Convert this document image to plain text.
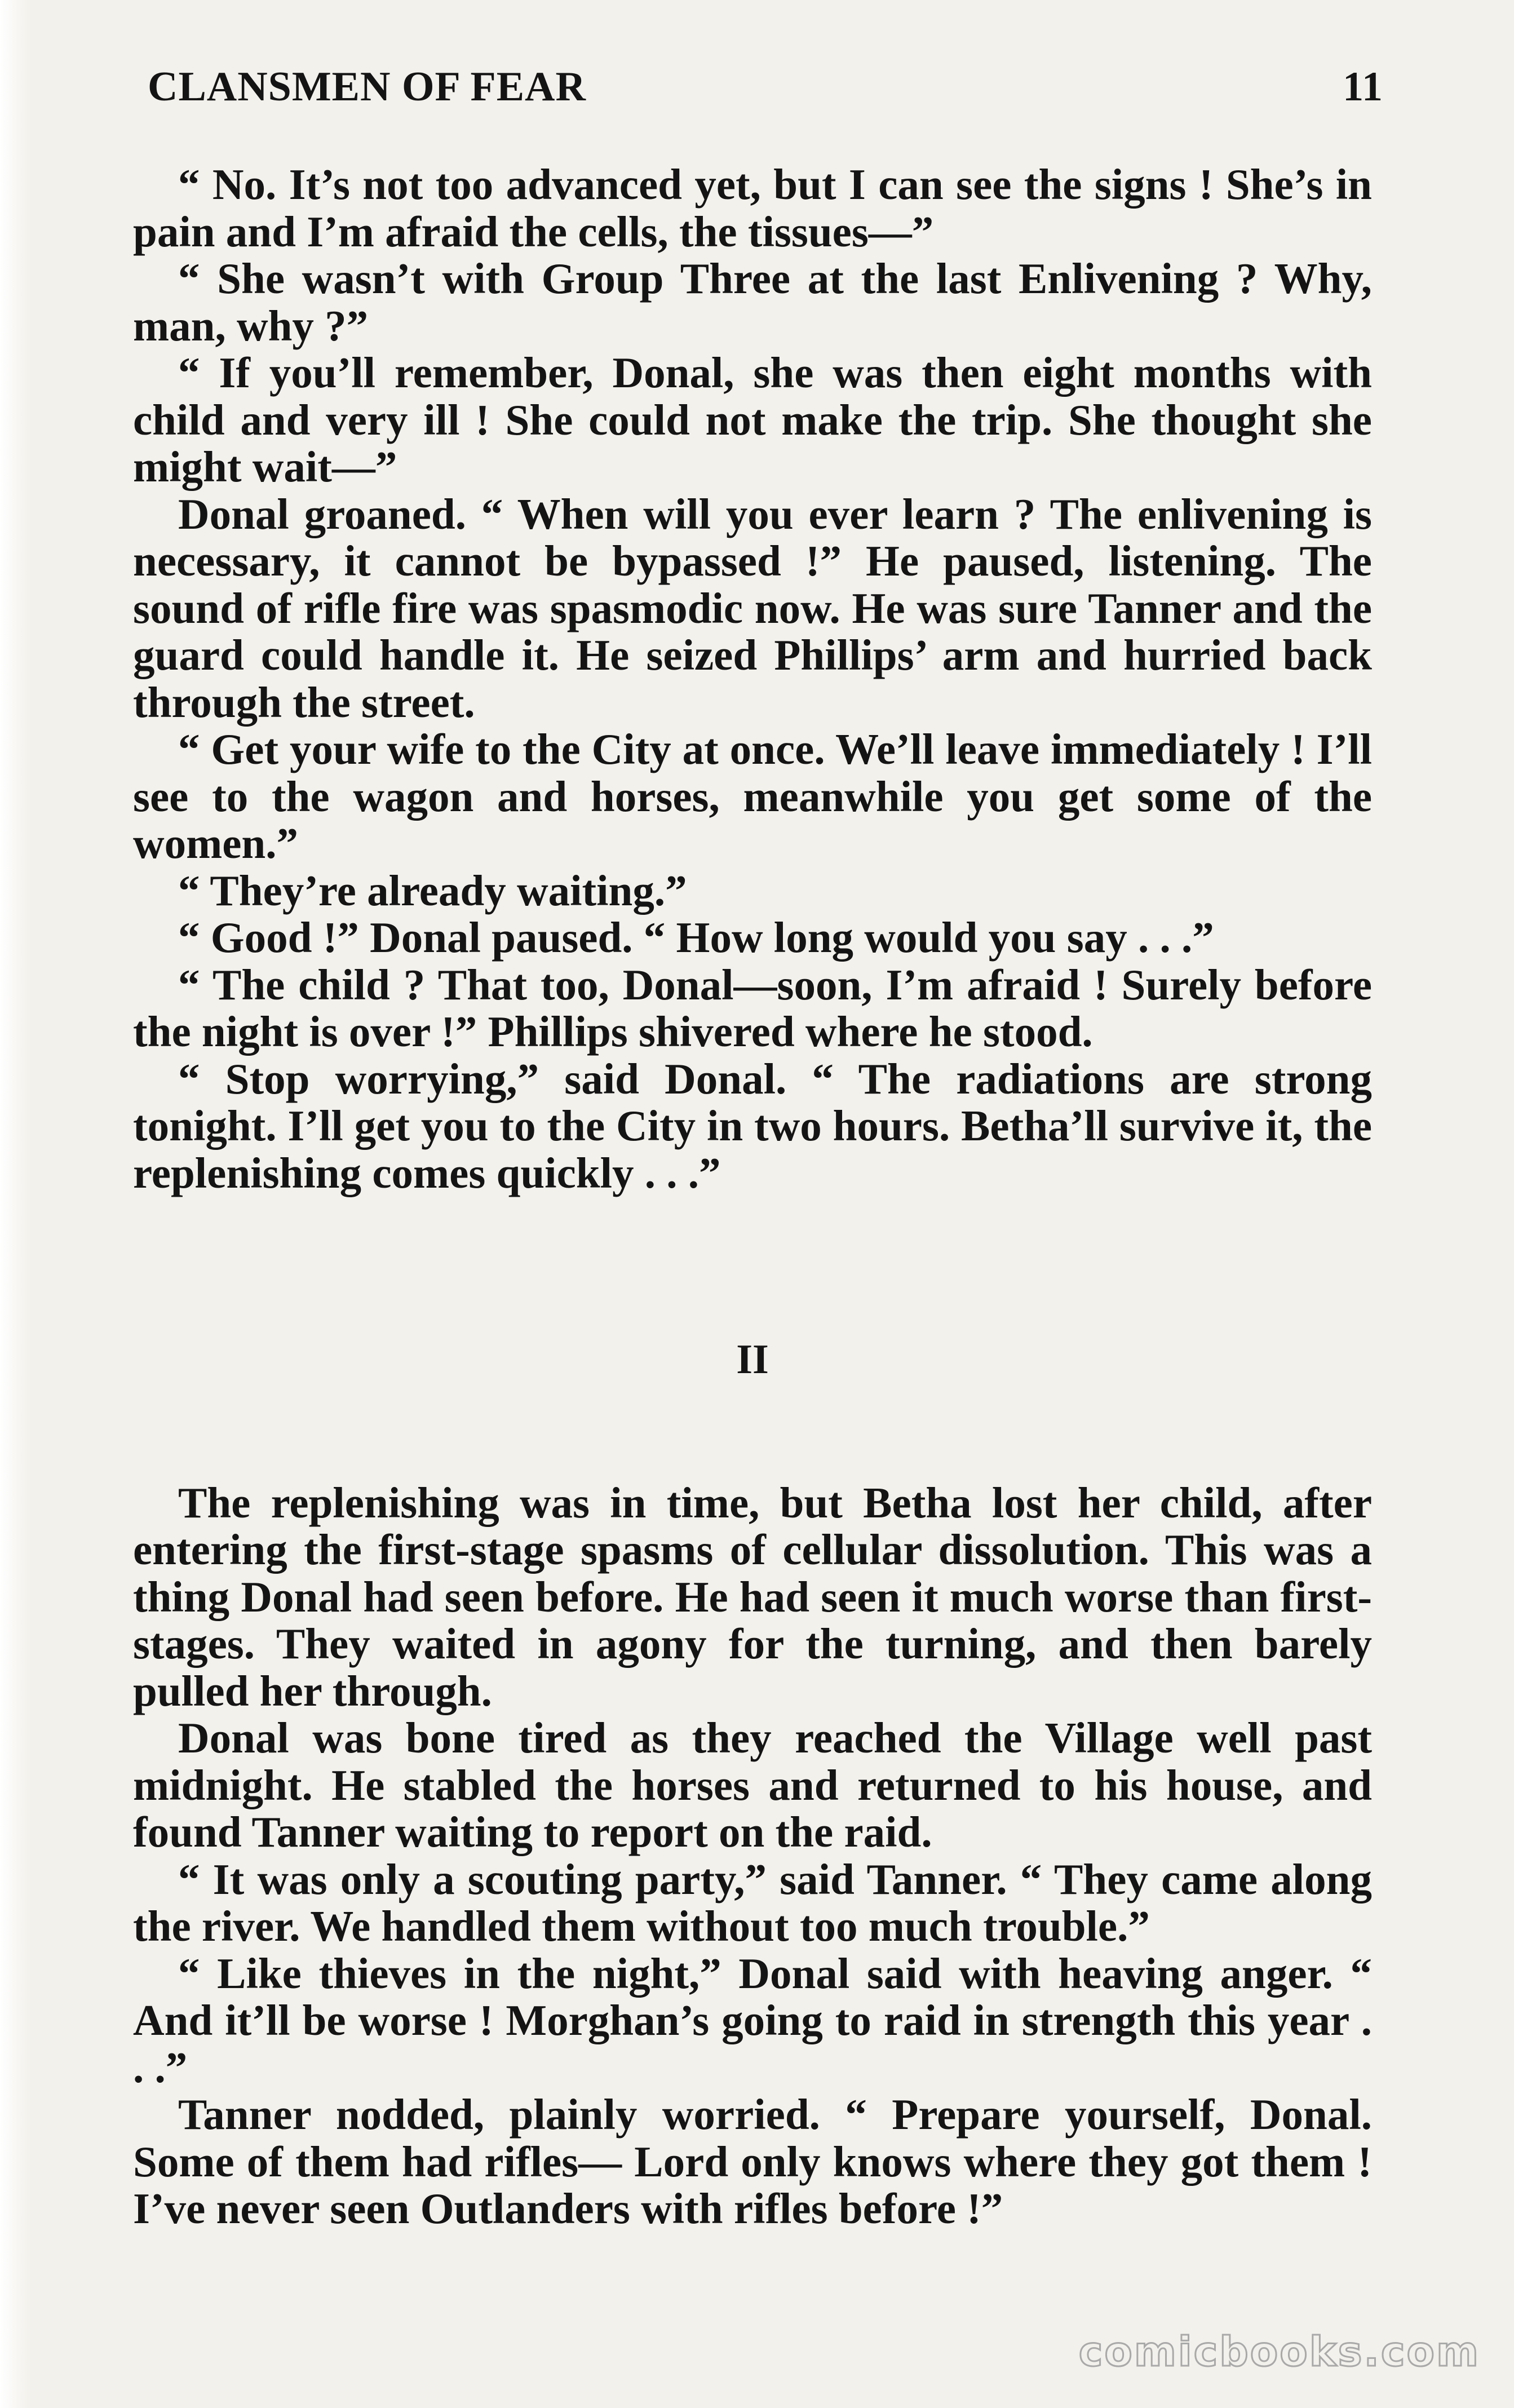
CLANSMEN OF FEAR	11

“ No. It’s not too advanced yet, but I can see the signs ! She’s in pain and I’m afraid the cells, the tissues—”

“ She wasn’t with Group Three at the last Enlivening ? Why, man, why ?”

“ If you’ll remember, Donal, she was then eight months with child and very ill ! She could not make the trip. She thought she might wait—”

Donal groaned. “ When will you ever learn ? The enlivening is necessary, it cannot be bypassed !” He paused, listening. The sound of rifle fire was spasmodic now. He was sure Tanner and the guard could handle it. He seized Phillips’ arm and hurried back through the street.

“ Get your wife to the City at once. We’ll leave immediately ! I’ll see to the wagon and horses, meanwhile you get some of the women.”

“ They’re already waiting.”

“ Good !” Donal paused. “ How long would you say . . .”

“ The child ? That too, Donal—soon, I’m afraid ! Surely before the night is over !” Phillips shivered where he stood.

“ Stop worrying,” said Donal. “ The radiations are strong tonight. I’ll get you to the City in two hours. Betha’ll survive it, the replenishing comes quickly . . .”

II

The replenishing was in time, but Betha lost her child, after entering the first-stage spasms of cellular dissolution. This was a thing Donal had seen before. He had seen it much worse than first-stages. They waited in agony for the turning, and then barely pulled her through.

Donal was bone tired as they reached the Village well past midnight. He stabled the horses and returned to his house, and found Tanner waiting to report on the raid.

“ It was only a scouting party,” said Tanner. “ They came along the river. We handled them without too much trouble.”

“ Like thieves in the night,” Donal said with heaving anger. “ And it’ll be worse ! Morghan’s going to raid in strength this year . . .”

Tanner nodded, plainly worried. “ Prepare yourself, Donal. Some of them had rifles— Lord only knows where they got them ! I’ve never seen Outlanders with rifles before !”

comicbooks.com
